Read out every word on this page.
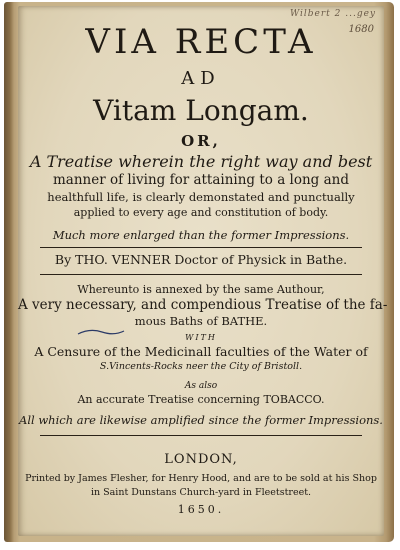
Wilbert 2 ...gey
1680
VIA RECTA
AD
Vitam Longam.
OR,
A Treatise wherein the right way and best
manner of living for attaining to a long and
healthfull life, is clearly demonstated and punctually
applied to every age and constitution of body.
Much more enlarged than the former Impressions.
By THO. VENNER Doctor of Physick in Bathe.
Whereunto is annexed by the same Authour,
A very necessary, and compendious Treatise of the fa-
mous Baths of BATHE.
WITH
A Censure of the Medicinall faculties of the Water of
S.Vincents-Rocks neer the City of Bristoll.
As also
An accurate Treatise concerning TOBACCO.
All which are likewise amplified since the former Impressions.
LONDON,
Printed by James Flesher, for Henry Hood, and are to be sold at his Shop
in Saint Dunstans Church-yard in Fleetstreet.
1650.
